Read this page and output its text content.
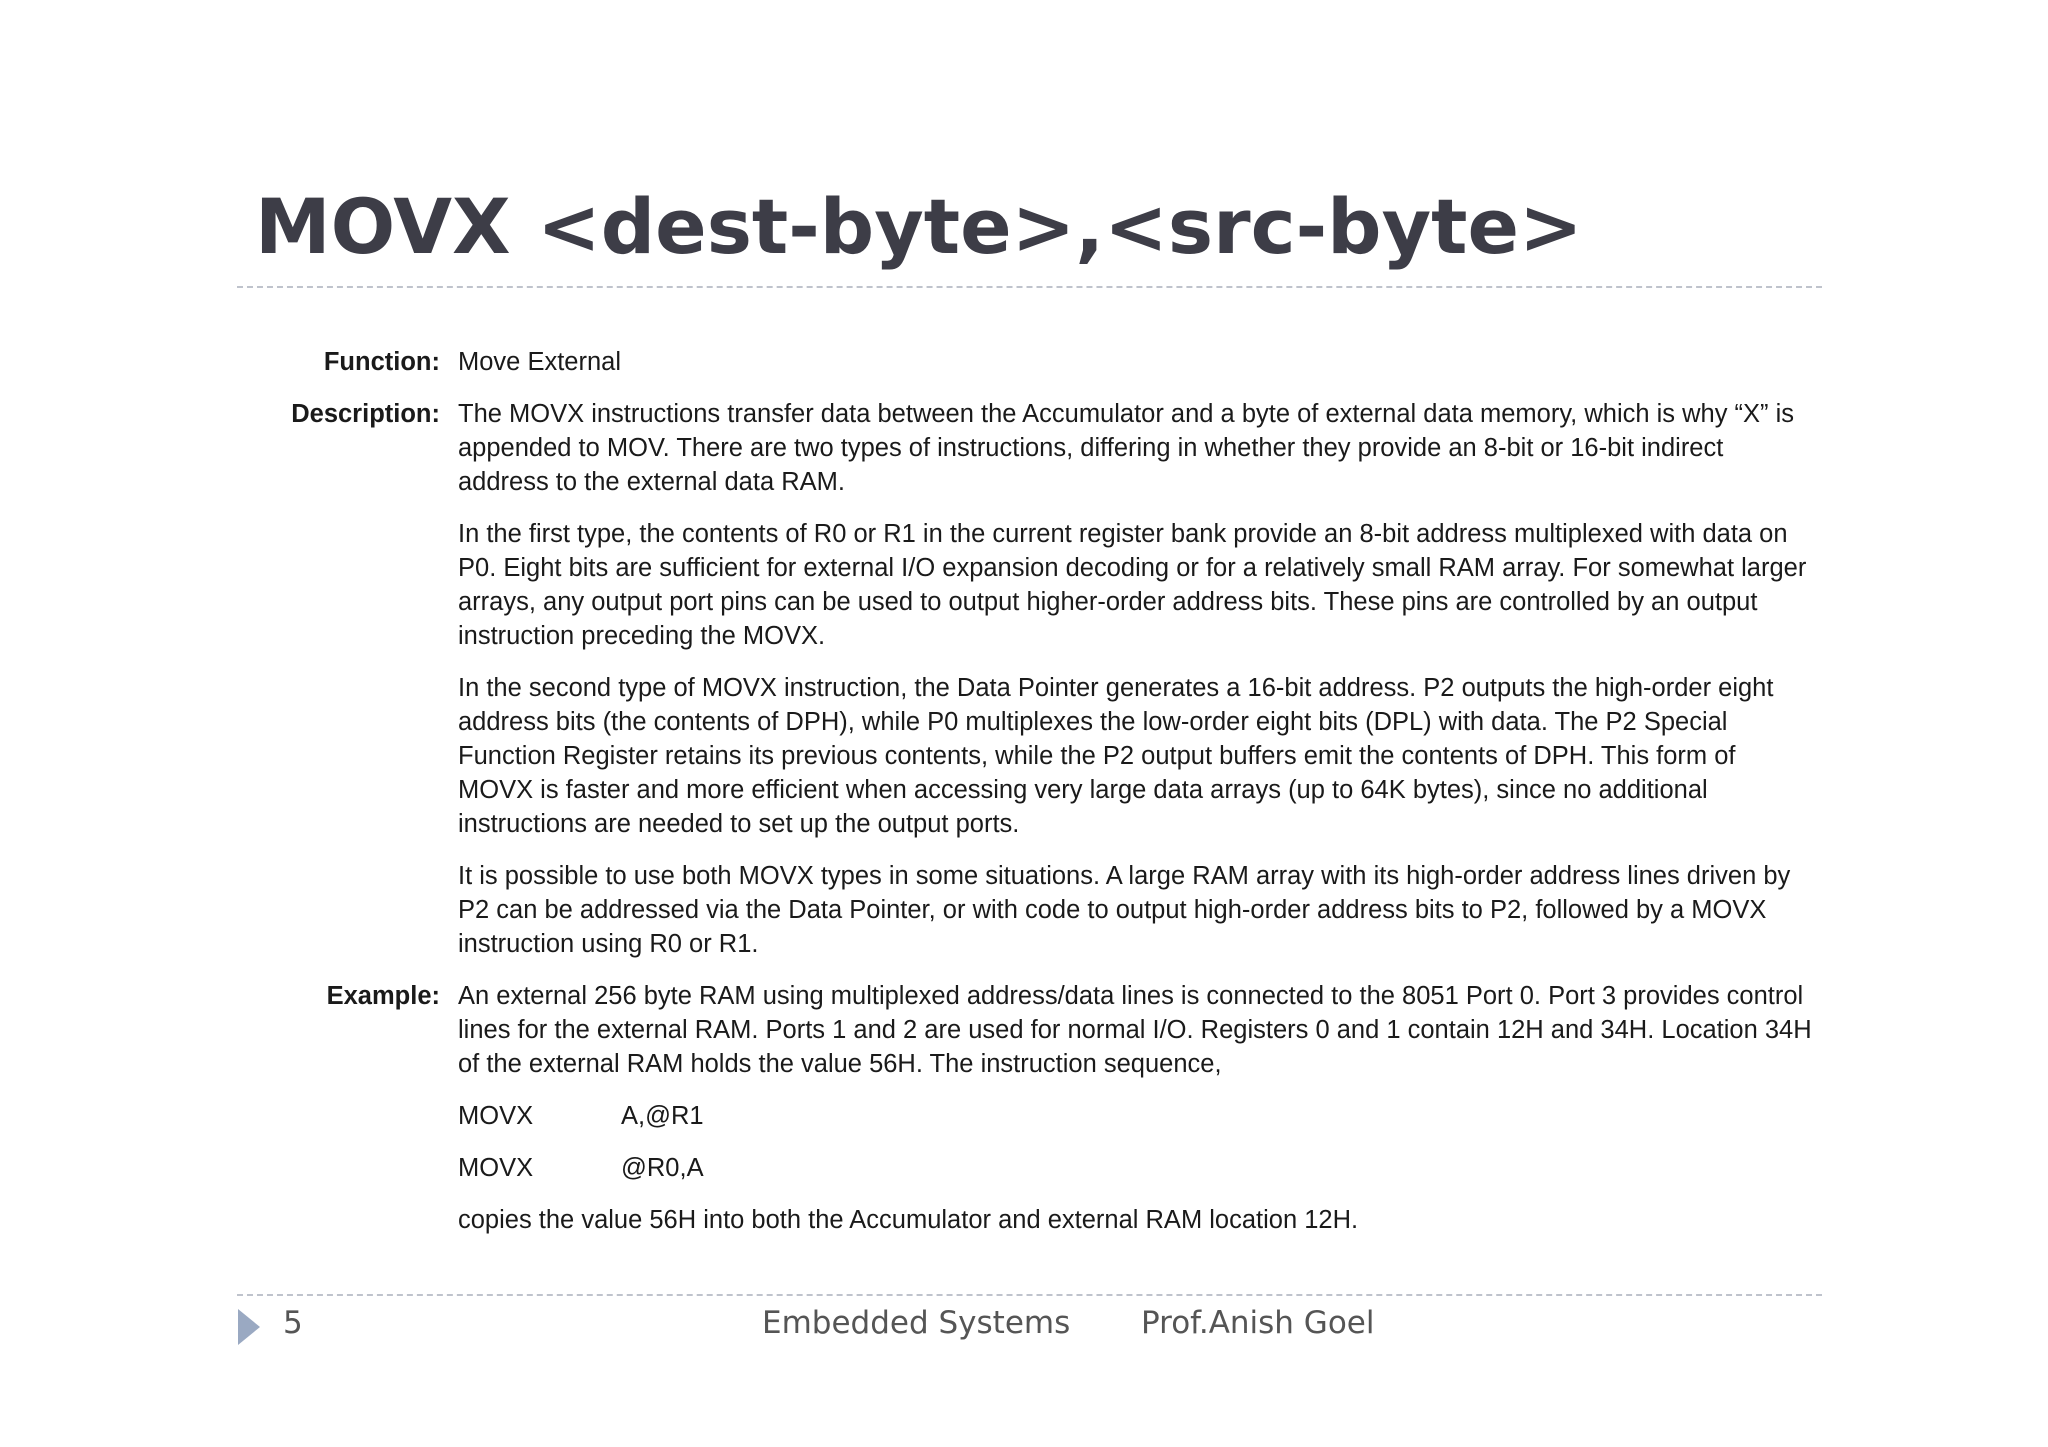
MOVX <dest-byte>,<src-byte>
Function: Move External
Description: The MOVX instructions transfer data between the Accumulator and a byte of external data memory, which is why “X” is appended to MOV. There are two types of instructions, differing in whether they provide an 8-bit or 16-bit indirect address to the external data RAM.

In the first type, the contents of R0 or R1 in the current register bank provide an 8-bit address multiplexed with data on P0. Eight bits are sufficient for external I/O expansion decoding or for a relatively small RAM array. For somewhat larger arrays, any output port pins can be used to output higher-order address bits. These pins are controlled by an output instruction preceding the MOVX.

In the second type of MOVX instruction, the Data Pointer generates a 16-bit address. P2 outputs the high-order eight address bits (the contents of DPH), while P0 multiplexes the low-order eight bits (DPL) with data. The P2 Special Function Register retains its previous contents, while the P2 output buffers emit the contents of DPH. This form of MOVX is faster and more efficient when accessing very large data arrays (up to 64K bytes), since no additional instructions are needed to set up the output ports.

It is possible to use both MOVX types in some situations. A large RAM array with its high-order address lines driven by P2 can be addressed via the Data Pointer, or with code to output high-order address bits to P2, followed by a MOVX instruction using R0 or R1.

Example: An external 256 byte RAM using multiplexed address/data lines is connected to the 8051 Port 0. Port 3 provides control lines for the external RAM. Ports 1 and 2 are used for normal I/O. Registers 0 and 1 contain 12H and 34H. Location 34H of the external RAM holds the value 56H. The instruction sequence,

MOVX	A,@R1
MOVX	@R0,A

copies the value 56H into both the Accumulator and external RAM location 12H.

5	Embedded Systems Prof.Anish Goel
